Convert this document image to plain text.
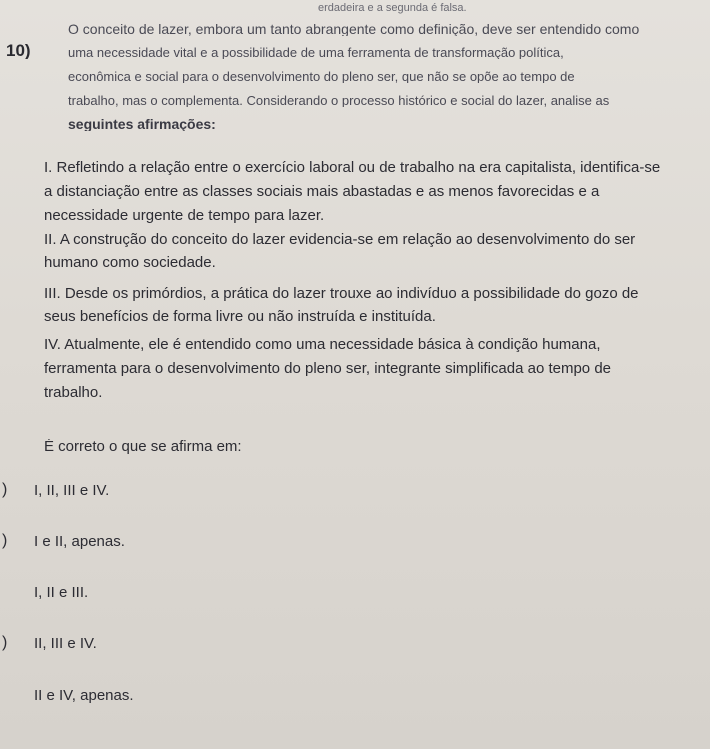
erdadeira e a segunda é falsa.
10)
O conceito de lazer, embora um tanto abrangente como definição, deve ser entendido como
uma necessidade vital e a possibilidade de uma ferramenta de transformação política,
econômica e social para o desenvolvimento do pleno ser, que não se opõe ao tempo de
trabalho, mas o complementa. Considerando o processo histórico e social do lazer, analise as
seguintes afirmações:
I. Refletindo a relação entre o exercício laboral ou de trabalho na era capitalista, identifica-se
a distanciação entre as classes sociais mais abastadas e as menos favorecidas e a
necessidade urgente de tempo para lazer.
II. A construção do conceito do lazer evidencia-se em relação ao desenvolvimento do ser
humano como sociedade.
III. Desde os primórdios, a prática do lazer trouxe ao indivíduo a possibilidade do gozo de
seus benefícios de forma livre ou não instruída e instituída.
IV. Atualmente, ele é entendido como uma necessidade básica à condição humana,
ferramenta para o desenvolvimento do pleno ser, integrante simplificada ao tempo de
trabalho.
É correto o que se afirma em:
) I, II, III e IV.
) I e II, apenas.
I, II e III.
) II, III e IV.
II e IV, apenas.
